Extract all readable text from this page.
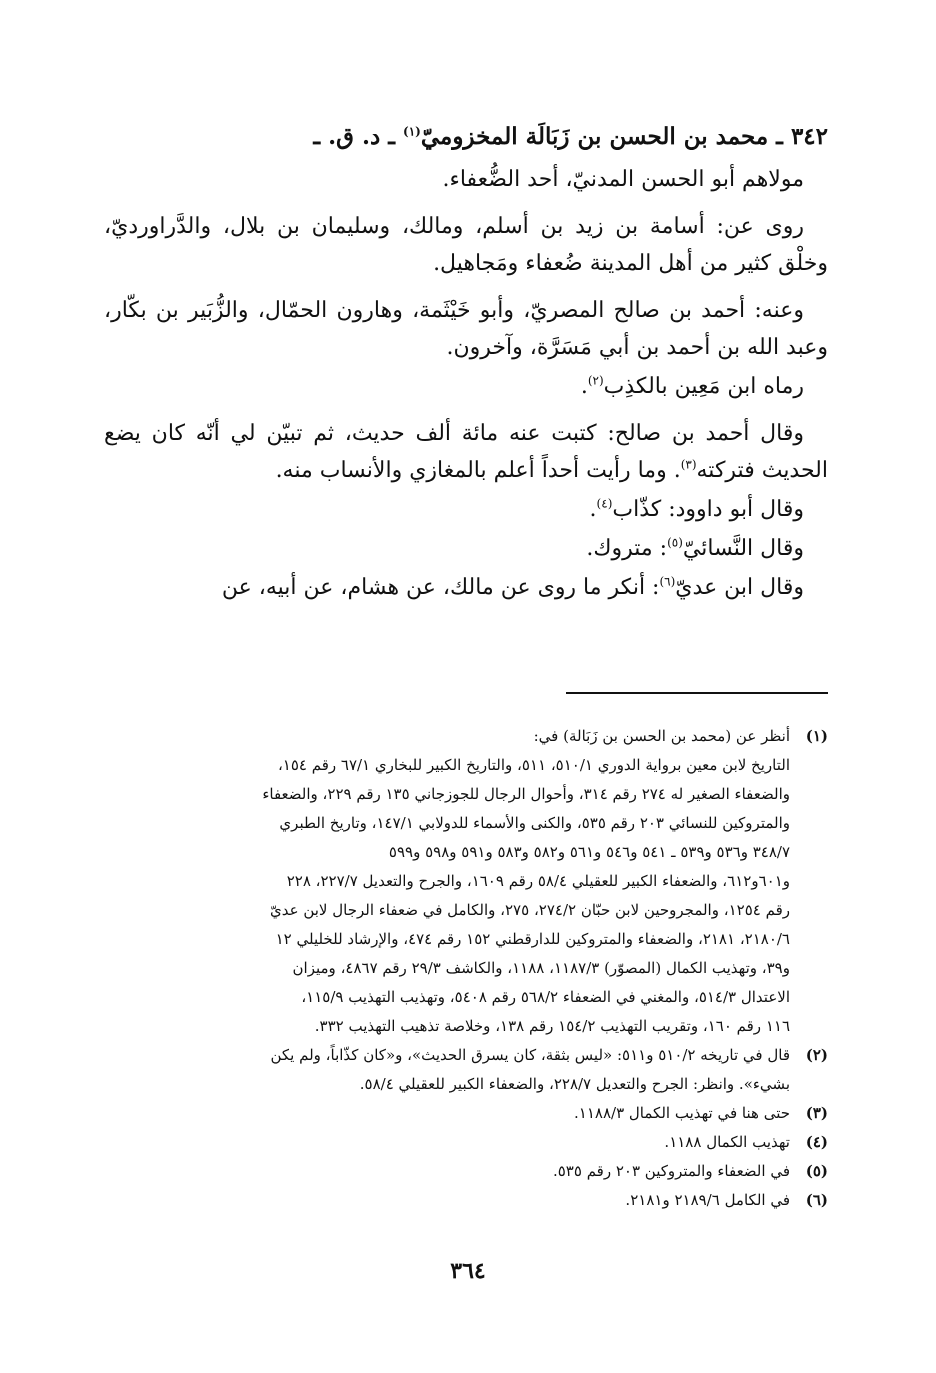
٣٤٢ ـ محمد بن الحسن بن زَبَالَة المخزوميّ$^{(١)}$ ـ د. ق. ـ

مولاهم أبو الحسن المدنيّ، أحد الضُّعفاء.

روى عن: أسامة بن زيد بن أسلم، ومالك، وسليمان بن بلال، والدَّراورديّ، وخلْق كثير من أهل المدينة ضُعفاء ومَجاهيل.

وعنه: أحمد بن صالح المصريّ، وأبو خَيْثَمة، وهارون الحمّال، والزُّبَير بن بكّار، وعبد الله بن أحمد بن أبي مَسَرَّة، وآخرون.

رماه ابن مَعِين بالكذِب$^{(٢)}$.

وقال أحمد بن صالح: كتبت عنه مائة ألف حديث، ثم تبيّن لي أنّه كان يضع الحديث فتركته$^{(٣)}$. وما رأيت أحداً أعلم بالمغازي والأنساب منه.

وقال أبو داوود: كذّاب$^{(٤)}$.

وقال النَّسائيّ$^{(٥)}$: متروك.

وقال ابن عديّ$^{(٦)}$: أنكر ما روى عن مالك، عن هشام، عن أبيه، عن

(١)
أنظر عن (محمد بن الحسن بن زَبَالة) في:
التاريخ لابن معين برواية الدوري ٥١٠/١، ٥١١، والتاريخ الكبير للبخاري ٦٧/١ رقم ١٥٤،
والضعفاء الصغير له ٢٧٤ رقم ٣١٤، وأحوال الرجال للجوزجاني ١٣٥ رقم ٢٢٩، والضعفاء
والمتروكين للنسائي ٢٠٣ رقم ٥٣٥، والكنى والأسماء للدولابي ١٤٧/١، وتاريخ الطبري
٣٤٨/٧ و٥٣٦ و٥٣٩ ـ ٥٤١ و٥٤٦ و٥٦١ و٥٨٢ و٥٨٣ و٥٩١ و٥٩٨ و٥٩٩
و٦٠١و٦١٢، والضعفاء الكبير للعقيلي ٥٨/٤ رقم ١٦٠٩، والجرح والتعديل ٢٢٧/٧، ٢٢٨
رقم ١٢٥٤، والمجروحين لابن حبّان ٢٧٤/٢، ٢٧٥، والكامل في ضعفاء الرجال لابن عديّ
٢١٨٠/٦، ٢١٨١، والضعفاء والمتروكين للدارقطني ١٥٢ رقم ٤٧٤، والإرشاد للخليلي ١٢
و٣٩، وتهذيب الكمال (المصوّر) ١١٨٧/٣، ١١٨٨، والكاشف ٢٩/٣ رقم ٤٨٦٧، وميزان
الاعتدال ٥١٤/٣، والمغني في الضعفاء ٥٦٨/٢ رقم ٥٤٠٨، وتهذيب التهذيب ١١٥/٩،
١١٦ رقم ١٦٠، وتقريب التهذيب ١٥٤/٢ رقم ١٣٨، وخلاصة تذهيب التهذيب ٣٣٢.
(٢)
قال في تاريخه ٥١٠/٢ و٥١١: «ليس بثقة، كان يسرق الحديث»، و«كان كذّاباً، ولم يكن
بشيء». وانظر: الجرح والتعديل ٢٢٨/٧، والضعفاء الكبير للعقيلي ٥٨/٤.
(٣)
حتى هنا في تهذيب الكمال ١١٨٨/٣.
(٤)
تهذيب الكمال ١١٨٨.
(٥)
في الضعفاء والمتروكين ٢٠٣ رقم ٥٣٥.
(٦)
في الكامل ٢١٨٩/٦ و٢١٨١.
٣٦٤
